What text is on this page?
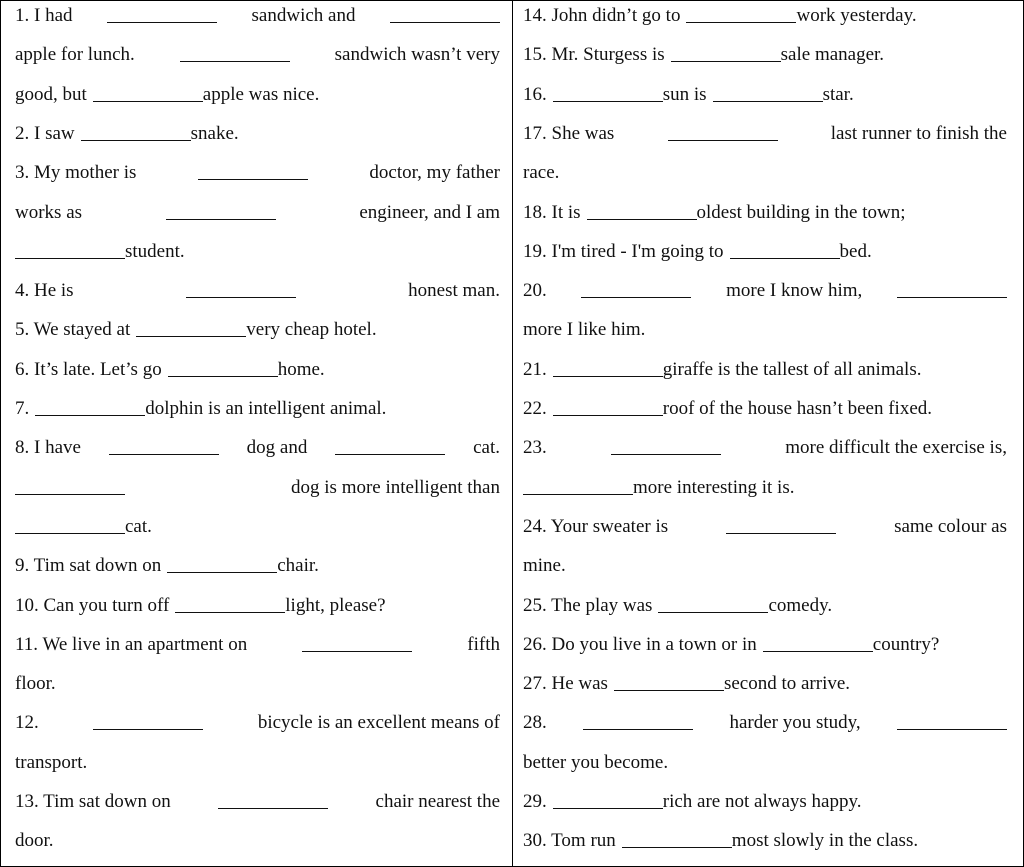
1. I had	sandwich and
apple for lunch.	sandwich wasn’t very
good, but	apple was nice.
2. I saw	snake.
3. My mother is	doctor, my father
works as	engineer, and I am
student.
4. He is	honest man.
5. We stayed at	very cheap hotel.
6. It’s late. Let’s go	home.
7.	dolphin is an intelligent animal.
8. I have	dog and	cat.
dog is more intelligent than
cat.
9. Tim sat down on	chair.
10. Can you turn off	light, please?
11. We live in an apartment on	fifth
floor.
12.	bicycle is an excellent means of
transport.
13. Tim sat down on	chair nearest the
door.
14. John didn’t go to	work yesterday.
15. Mr. Sturgess is	sale manager.
16.	sun is	star.
17. She was	last runner to finish the
race.
18. It is	oldest building in the town;
19. I'm tired - I'm going to	bed.
20.	more I know him,
more I like him.
21.	giraffe is the tallest of all animals.
22.	roof of the house hasn’t been fixed.
23.	more difficult the exercise is,
more interesting it is.
24. Your sweater is	same colour as
mine.
25. The play was	comedy.
26. Do you live in a town or in	country?
27. He was	second to arrive.
28.	harder you study,
better you become.
29.	rich are not always happy.
30. Tom run	most slowly in the class.
